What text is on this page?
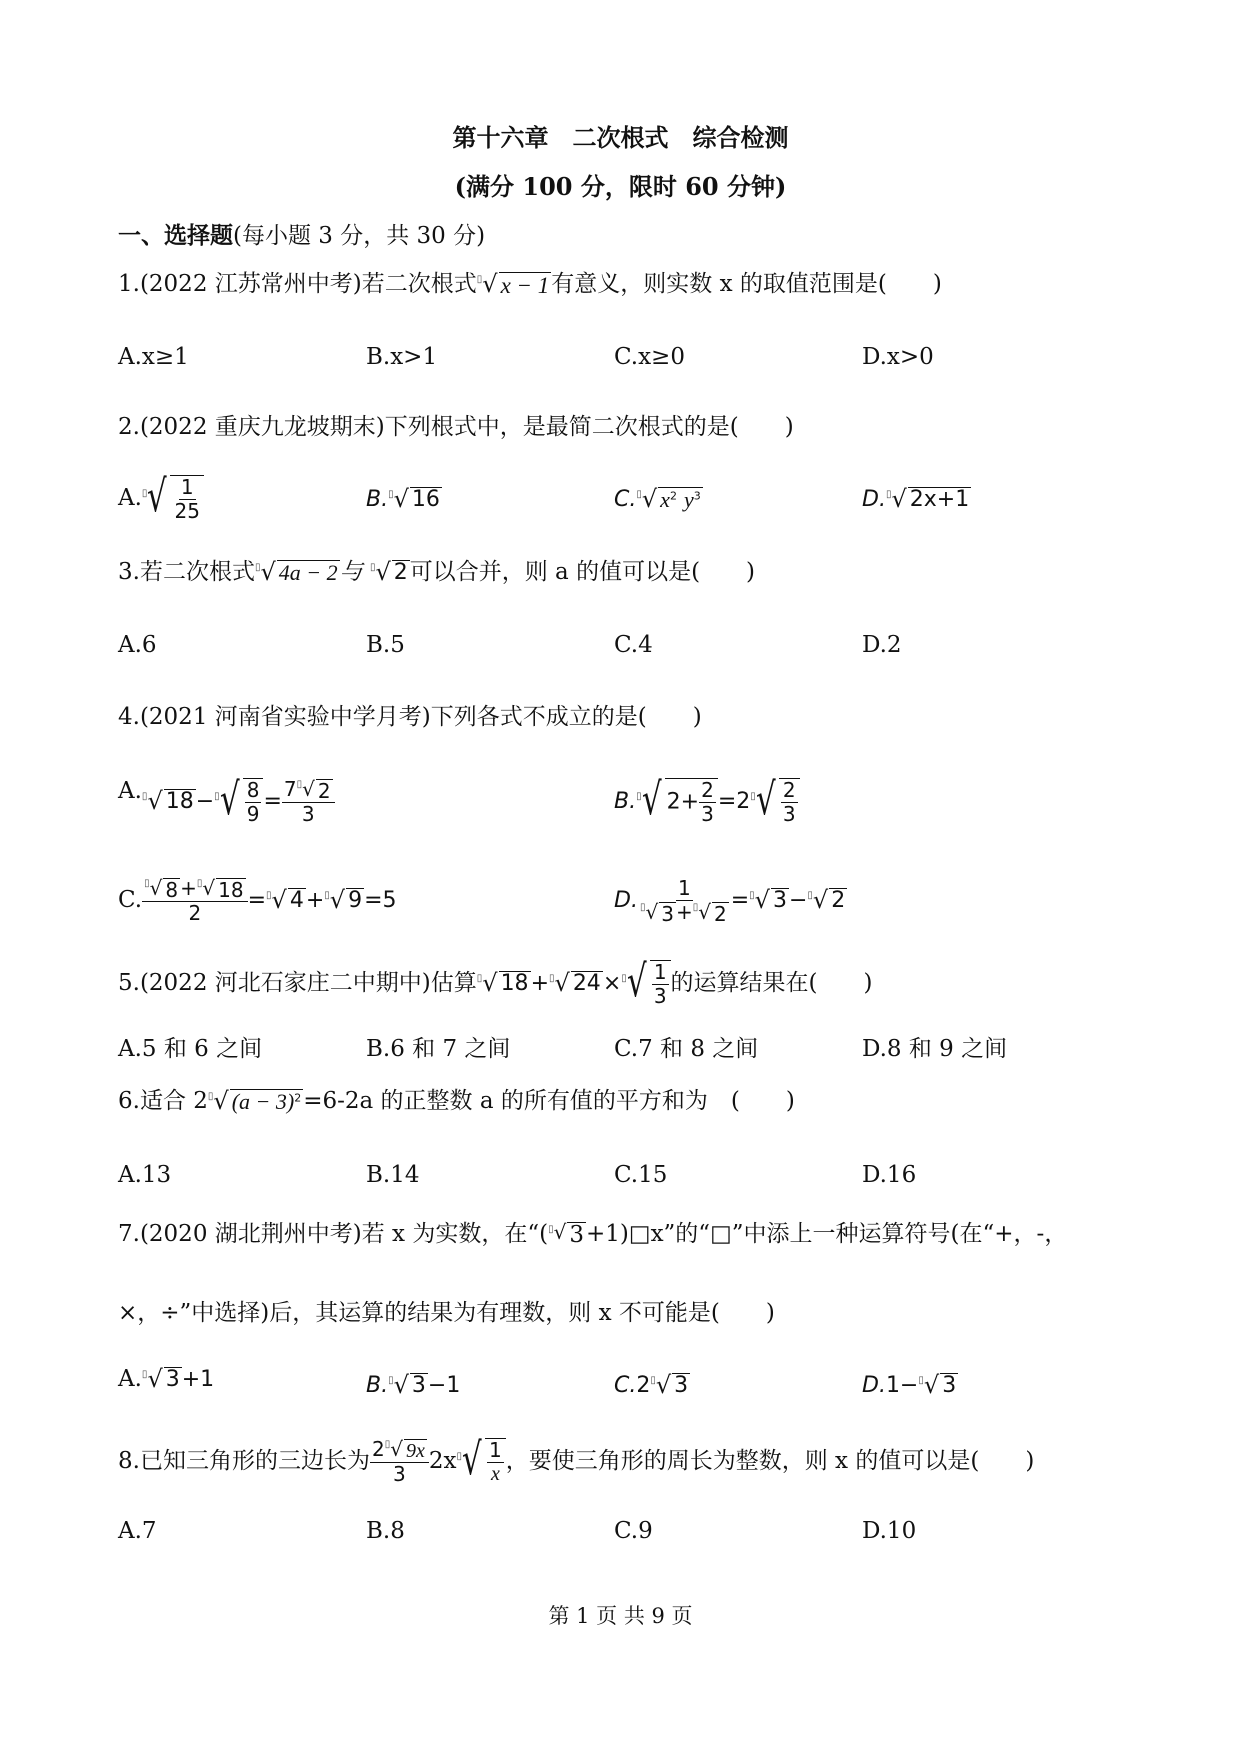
第十六章　二次根式　综合检测
(满分 100 分，限时 60 分钟)
一、选择题(每小题 3 分，共 30 分)
1.(2022 江苏常州中考)若二次根式▯ √ x − 1 有意义，则实数 x 的取值范围是(　　)
A.x≥1	B.x>1	C.x≥0	D.x>0
2.(2022 重庆九龙坡期末)下列根式中，是最简二次根式的是(　　)
A.▯ √ $\frac{1}{25}$	B.▯ √ 16	C.▯ √ $x^2$ $y^3$	D.▯ √ 2x+1
3.若二次根式▯ √ 4a − 2 与 ▯ √ 2 可以合并，则 a 的值可以是(　　)
A.6	B.5	C.4	D.2
4.(2021 河南省实验中学月考)下列各式不成立的是(　　)
A.▯ √ 18 −▯ √ $\frac{8}{9} = \frac{7^▯ √ 2}{3}$	B.▯ √ $2+ \frac{2}{3} =2^▯$ √ $\frac{2}{3}$
C. $\frac{^▯ √ 8 +^▯ √ 18}{2} =^▯$ √ 4 +▯ √ 9 =5	D. $\frac{1}{^▯ √ 3 +^▯ √ 2} =^▯$ √ 3 −▯ √ 2
5.(2022 河北石家庄二中期中)估算▯ √ 18 +▯ √ 24 ×▯ √ $\frac{1}{3}$ 的运算结果在(　　)
A.5 和 6 之间	B.6 和 7 之间	C.7 和 8 之间	D.8 和 9 之间
6.适合 2▯ √ $(a - 3)^2 =6-2a$ 的正整数 a 的所有值的平方和为　(　　)
A.13	B.14	C.15	D.16
7.(2020 湖北荆州中考)若 x 为实数，在“(▯ √ 3 +1)□x”的“□”中添上一种运算符号(在“+，-，
×，÷”中选择)后，其运算的结果为有理数，则 x 不可能是(　　)
A.▯ √ 3 +1	B.▯ √ 3 −1	C.2▯ √ 3	D.1−▯ √ 3
8.已知三角形的三边长为 $\frac{2^▯ √ 9x}{3} 2x^▯$ √ $\frac{1}{x}$ ，要使三角形的周长为整数，则 x 的值可以是(　　)
A.7	B.8	C.9	D.10
第 1 页 共 9 页
